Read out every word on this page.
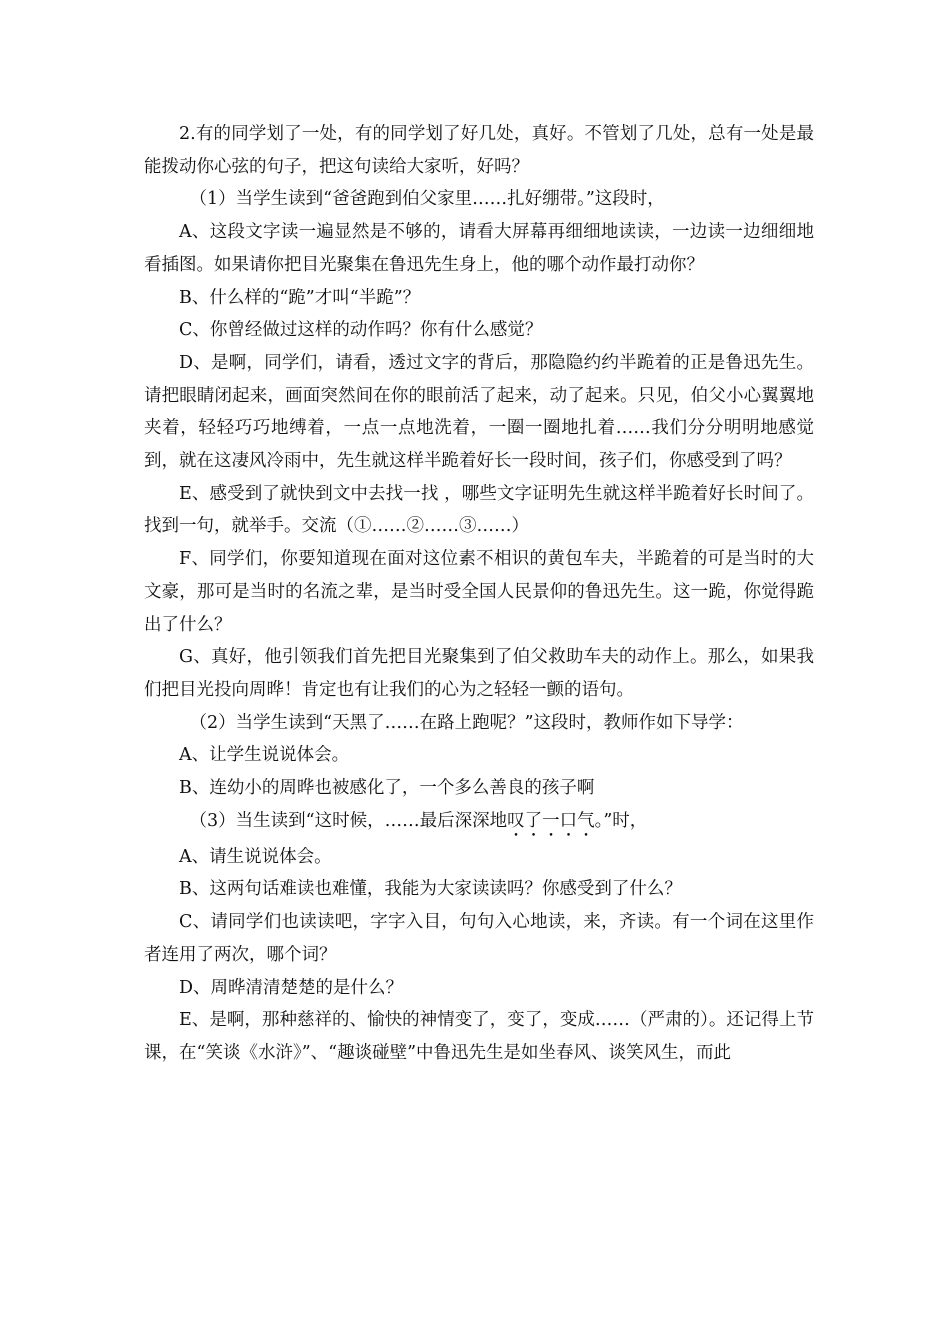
2.有的同学划了一处，有的同学划了好几处，真好。不管划了几处，总有一处是最能拨动你心弦的句子，把这句读给大家听，好吗？

（1）当学生读到“爸爸跑到伯父家里……扎好绷带。”这段时，

A、这段文字读一遍显然是不够的，请看大屏幕再细细地读读，一边读一边细细地看插图。如果请你把目光聚集在鲁迅先生身上，他的哪个动作最打动你？

B、什么样的“跪”才叫“半跪”？

C、你曾经做过这样的动作吗？你有什么感觉？

D、是啊，同学们，请看，透过文字的背后，那隐隐约约半跪着的正是鲁迅先生。请把眼睛闭起来，画面突然间在你的眼前活了起来，动了起来。只见，伯父小心翼翼地夹着，轻轻巧巧地缚着，一点一点地洗着，一圈一圈地扎着……我们分分明明地感觉到，就在这凄风冷雨中，先生就这样半跪着好长一段时间，孩子们，你感受到了吗？

E、感受到了就快到文中去找一找 ，哪些文字证明先生就这样半跪着好长时间了。找到一句，就举手。交流（①……②……③……）

F、同学们，你要知道现在面对这位素不相识的黄包车夫，半跪着的可是当时的大文豪，那可是当时的名流之辈，是当时受全国人民景仰的鲁迅先生。这一跪，你觉得跪出了什么？

G、真好，他引领我们首先把目光聚集到了伯父救助车夫的动作上。那么，如果我们把目光投向周晔！肯定也有让我们的心为之轻轻一颤的语句。

（2）当学生读到“天黑了……在路上跑呢？”这段时，教师作如下导学：

A、让学生说说体会。

B、连幼小的周晔也被感化了，一个多么善良的孩子啊

（3）当生读到“这时候，……最后深深地叹了一口气。”时，

A、请生说说体会。

B、这两句话难读也难懂，我能为大家读读吗？你感受到了什么？

C、请同学们也读读吧，字字入目，句句入心地读，来，齐读。有一个词在这里作者连用了两次，哪个词？

D、周晔清清楚楚的是什么？

E、是啊，那种慈祥的、愉快的神情变了，变了，变成……（严肃的）。还记得上节课，在“笑谈《水浒》”、“趣谈碰壁”中鲁迅先生是如坐春风、谈笑风生，而此
